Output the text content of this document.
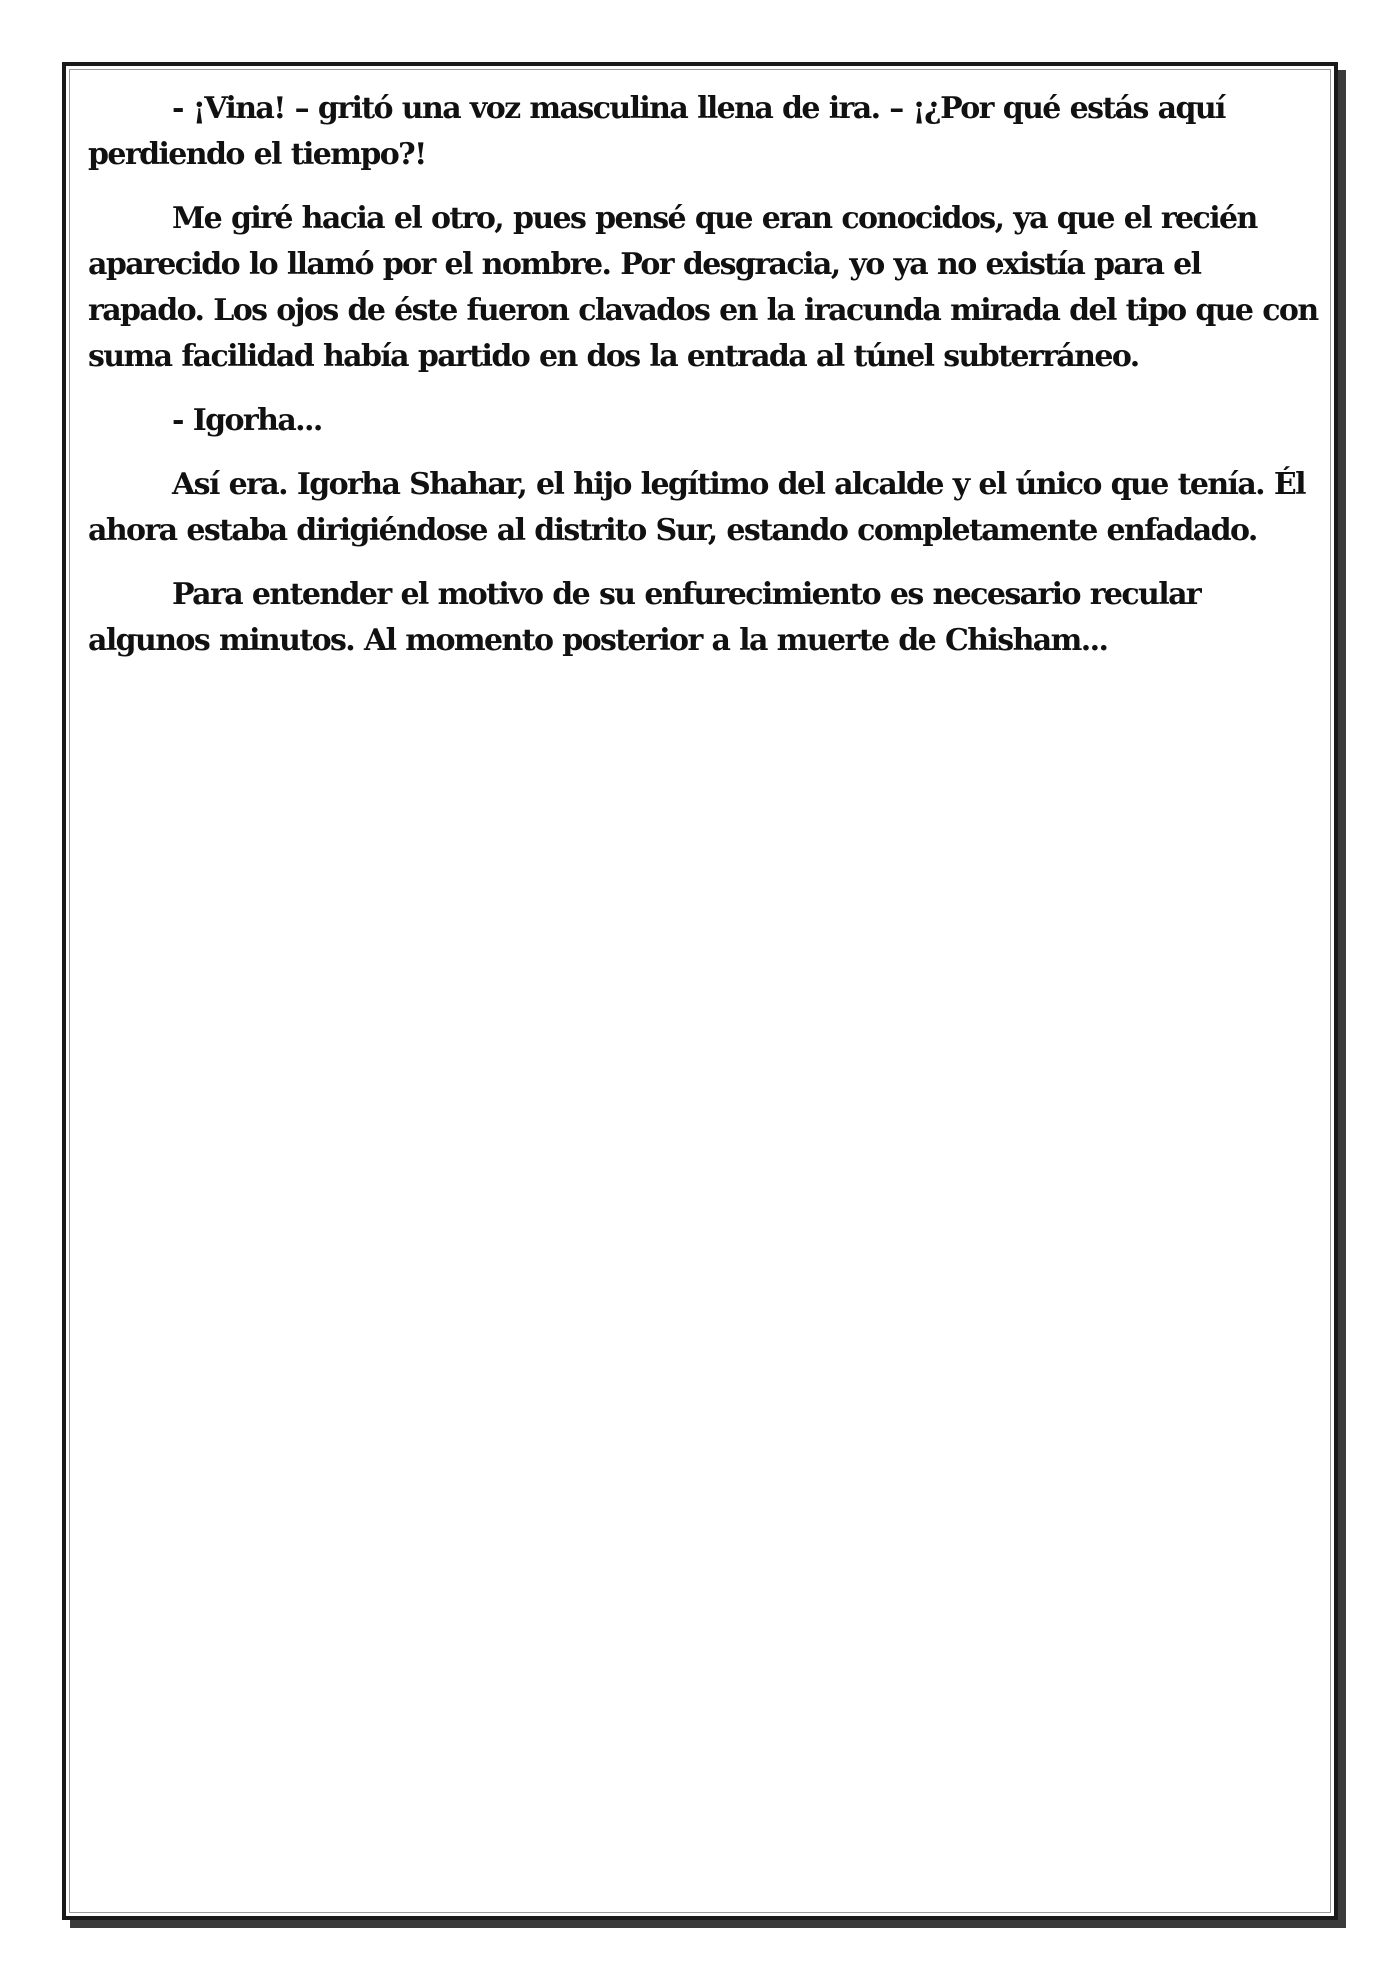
- ¡Vina! – gritó una voz masculina llena de ira. – ¡¿Por qué estás aquí perdiendo el tiempo?!

Me giré hacia el otro, pues pensé que eran conocidos, ya que el recién aparecido lo llamó por el nombre. Por desgracia, yo ya no existía para el rapado. Los ojos de éste fueron clavados en la iracunda mirada del tipo que con suma facilidad había partido en dos la entrada al túnel subterráneo.

- Igorha...

Así era. Igorha Shahar, el hijo legítimo del alcalde y el único que tenía. Él ahora estaba dirigiéndose al distrito Sur, estando completamente enfadado.

Para entender el motivo de su enfurecimiento es necesario recular algunos minutos. Al momento posterior a la muerte de Chisham...
